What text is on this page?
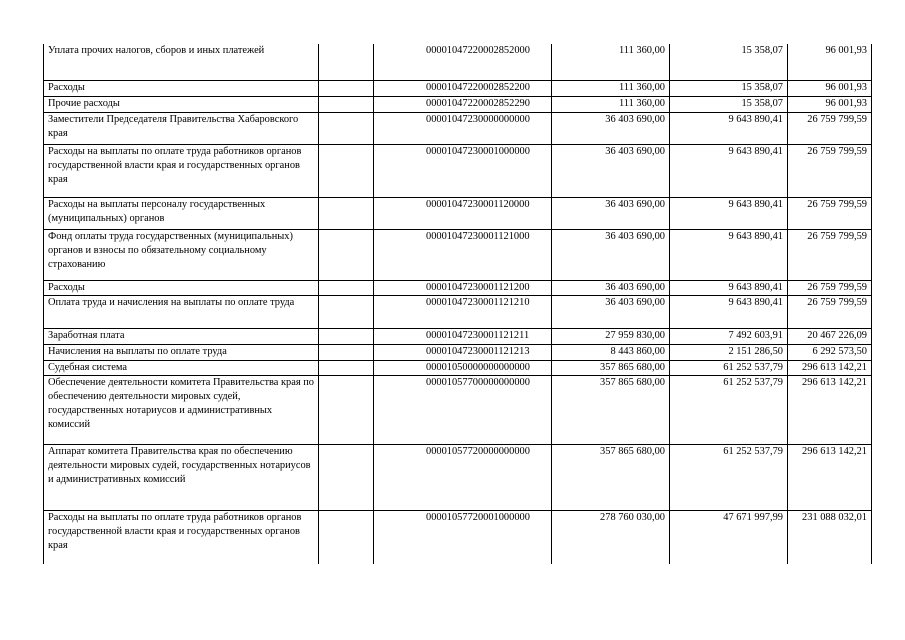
Уплата прочих налогов, сборов и иных платежей		00001047220002852000	111 360,00	15 358,07	96 001,93
Расходы		00001047220002852200	111 360,00	15 358,07	96 001,93
Прочие расходы		00001047220002852290	111 360,00	15 358,07	96 001,93
Заместители Председателя Правительства Хабаровского края		00001047230000000000	36 403 690,00	9 643 890,41	26 759 799,59
Расходы на выплаты по оплате труда работников органов государственной власти края и государственных органов края		00001047230001000000	36 403 690,00	9 643 890,41	26 759 799,59
Расходы на выплаты персоналу государственных (муниципальных) органов		00001047230001120000	36 403 690,00	9 643 890,41	26 759 799,59
Фонд оплаты труда государственных (муниципальных) органов и взносы по обязательному социальному страхованию		00001047230001121000	36 403 690,00	9 643 890,41	26 759 799,59
Расходы		00001047230001121200	36 403 690,00	9 643 890,41	26 759 799,59
Оплата труда и начисления на выплаты по оплате труда		00001047230001121210	36 403 690,00	9 643 890,41	26 759 799,59
Заработная плата		00001047230001121211	27 959 830,00	7 492 603,91	20 467 226,09
Начисления на выплаты по оплате труда		00001047230001121213	8 443 860,00	2 151 286,50	6 292 573,50
Судебная система		00001050000000000000	357 865 680,00	61 252 537,79	296 613 142,21
Обеспечение деятельности комитета Правительства края по обеспечению деятельности мировых судей, государственных нотариусов и административных комиссий		00001057700000000000	357 865 680,00	61 252 537,79	296 613 142,21
Аппарат комитета Правительства края по обеспечению деятельности мировых судей, государственных нотариусов и административных комиссий		00001057720000000000	357 865 680,00	61 252 537,79	296 613 142,21
Расходы на выплаты по оплате труда работников органов государственной власти края и государственных органов края		00001057720001000000	278 760 030,00	47 671 997,99	231 088 032,01
